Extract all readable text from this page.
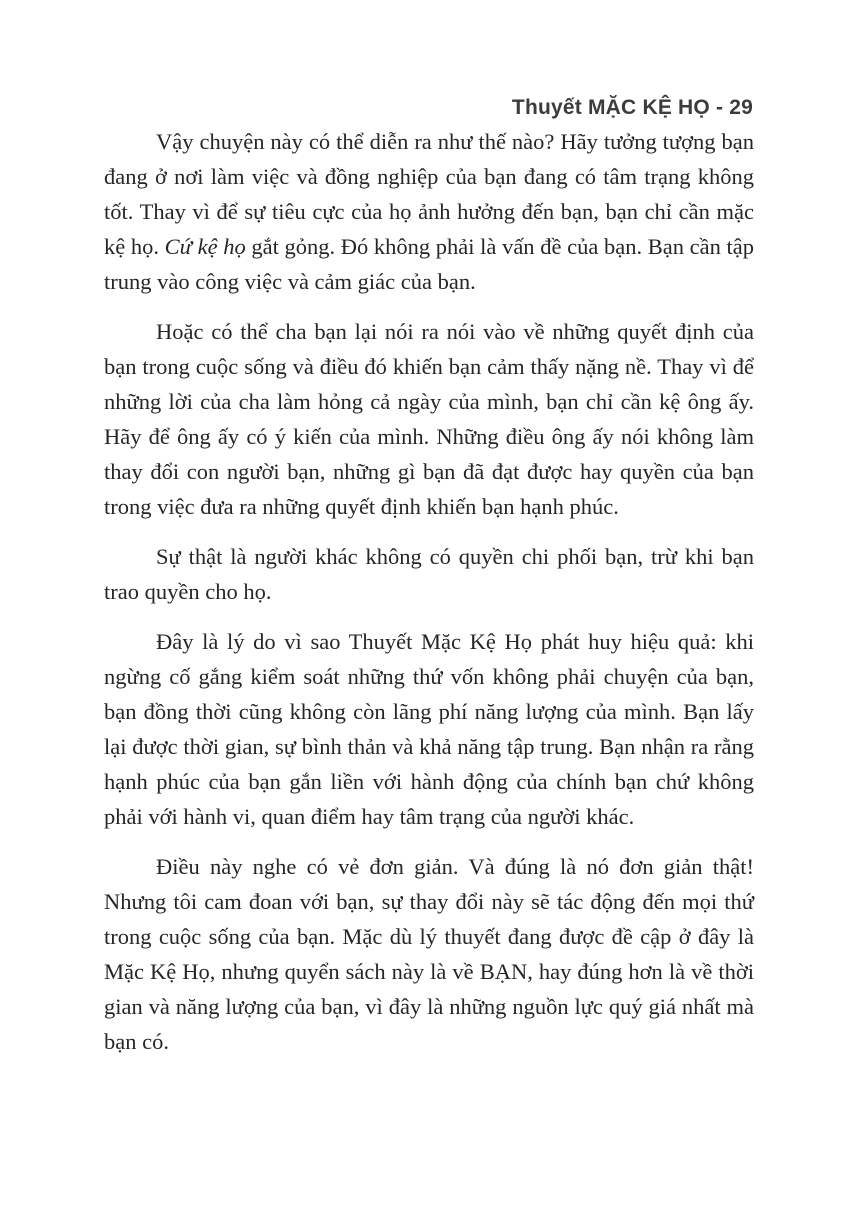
Thuyết MẶC KỆ HỌ - 29

Vậy chuyện này có thể diễn ra như thế nào? Hãy tưởng tượng bạn đang ở nơi làm việc và đồng nghiệp của bạn đang có tâm trạng không tốt. Thay vì để sự tiêu cực của họ ảnh hưởng đến bạn, bạn chỉ cần mặc kệ họ. Cứ kệ họ gắt gỏng. Đó không phải là vấn đề của bạn. Bạn cần tập trung vào công việc và cảm giác của bạn.

Hoặc có thể cha bạn lại nói ra nói vào về những quyết định của bạn trong cuộc sống và điều đó khiến bạn cảm thấy nặng nề. Thay vì để những lời của cha làm hỏng cả ngày của mình, bạn chỉ cần kệ ông ấy. Hãy để ông ấy có ý kiến của mình. Những điều ông ấy nói không làm thay đổi con người bạn, những gì bạn đã đạt được hay quyền của bạn trong việc đưa ra những quyết định khiến bạn hạnh phúc.

Sự thật là người khác không có quyền chi phối bạn, trừ khi bạn trao quyền cho họ.

Đây là lý do vì sao Thuyết Mặc Kệ Họ phát huy hiệu quả: khi ngừng cố gắng kiểm soát những thứ vốn không phải chuyện của bạn, bạn đồng thời cũng không còn lãng phí năng lượng của mình. Bạn lấy lại được thời gian, sự bình thản và khả năng tập trung. Bạn nhận ra rằng hạnh phúc của bạn gắn liền với hành động của chính bạn chứ không phải với hành vi, quan điểm hay tâm trạng của người khác.

Điều này nghe có vẻ đơn giản. Và đúng là nó đơn giản thật! Nhưng tôi cam đoan với bạn, sự thay đổi này sẽ tác động đến mọi thứ trong cuộc sống của bạn. Mặc dù lý thuyết đang được đề cập ở đây là Mặc Kệ Họ, nhưng quyển sách này là về BẠN, hay đúng hơn là về thời gian và năng lượng của bạn, vì đây là những nguồn lực quý giá nhất mà bạn có.
